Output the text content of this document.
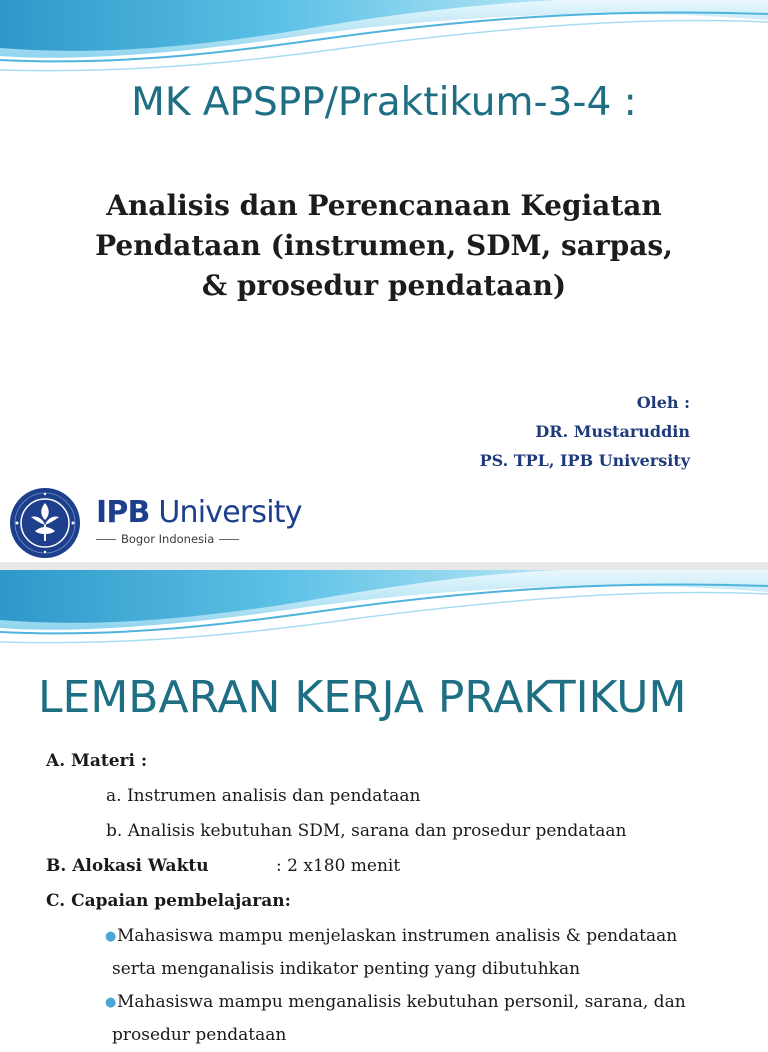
MK APSPP/Praktikum-3-4 :
Analisis dan Perencanaan Kegiatan
Pendataan (instrumen, SDM, sarpas,
& prosedur pendataan)
Oleh :
DR. Mustaruddin
PS. TPL, IPB University
IPB University
Bogor Indonesia
LEMBARAN KERJA PRAKTIKUM
A. Materi :
a. Instrumen analisis dan pendataan
b. Analisis kebutuhan SDM, sarana dan prosedur pendataan
B. Alokasi Waktu	: 2 x180 menit
C. Capaian pembelajaran:
● Mahasiswa mampu menjelaskan instrumen analisis & pendataan
serta menganalisis indikator penting yang dibutuhkan
● Mahasiswa mampu menganalisis kebutuhan personil, sarana, dan
prosedur pendataan
